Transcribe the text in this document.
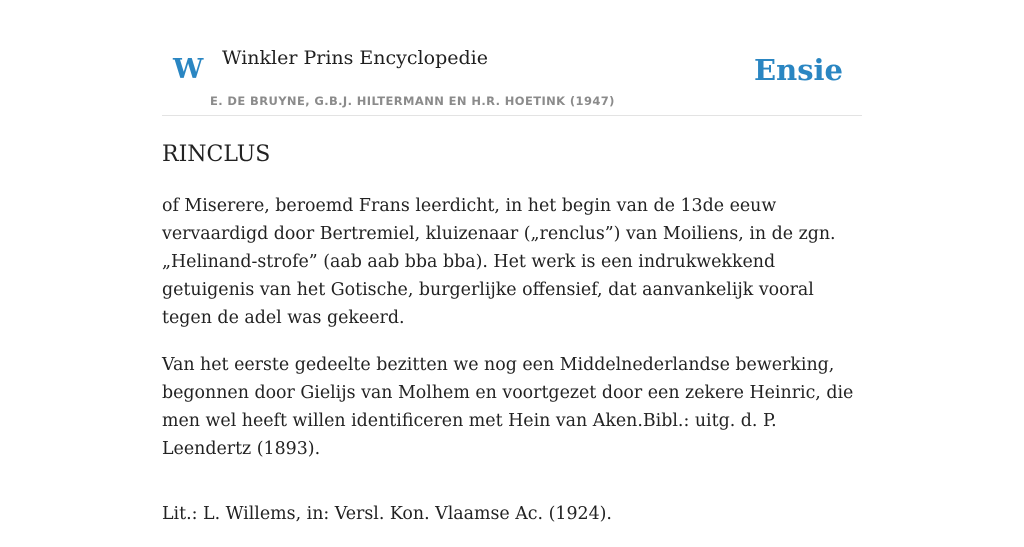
W Winkler Prins Encyclopedie
E. DE BRUYNE, G.B.J. HILTERMANN EN H.R. HOETINK (1947)
Ensie
RINCLUS

of Miserere, beroemd Frans leerdicht, in het begin van de 13de eeuw vervaardigd door Bertremiel, kluizenaar („renclus”) van Moiliens, in de zgn. „Helinand-strofe” (aab aab bba bba). Het werk is een indrukwekkend getuigenis van het Gotische, burgerlijke offensief, dat aanvankelijk vooral tegen de adel was gekeerd.

Van het eerste gedeelte bezitten we nog een Middelnederlandse bewerking, begonnen door Gielijs van Molhem en voortgezet door een zekere Heinric, die men wel heeft willen identificeren met Hein van Aken.Bibl.: uitg. d. P. Leendertz (1893).

Lit.: L. Willems, in: Versl. Kon. Vlaamse Ac. (1924).
